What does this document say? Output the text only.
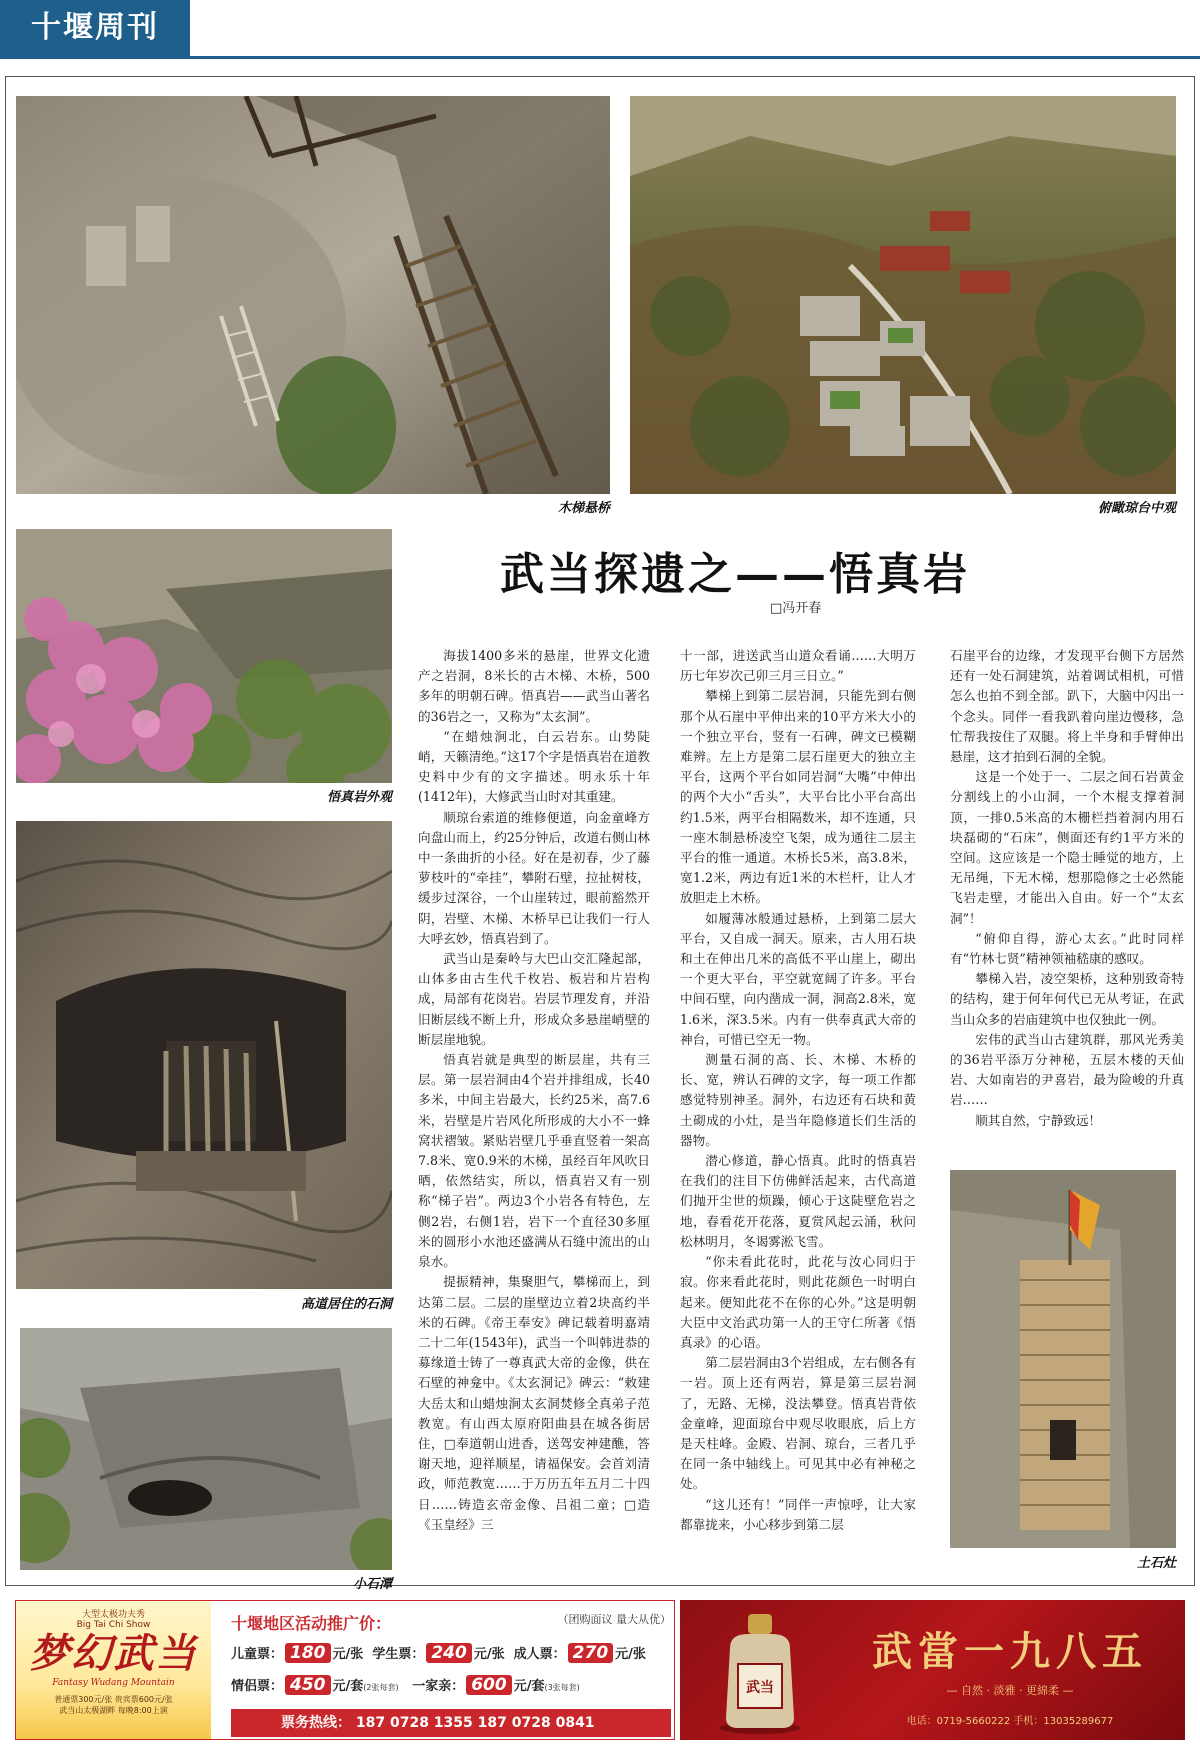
十堰周刊
木梯悬桥	俯瞰琼台中观
悟真岩外观
高道居住的石洞
小石潭
土石灶
武当探遗之——悟真岩
□冯开春

海拔1400多米的悬崖，世界文化遗产之岩洞，8米长的古木梯、木桥，500多年的明朝石碑。悟真岩——武当山著名的36岩之一，又称为“太玄洞”。

“在蜡烛涧北，白云岩东。山势陡峭，天籁清绝。”这17个字是悟真岩在道教史料中少有的文字描述。明永乐十年(1412年)，大修武当山时对其重建。

顺琼台索道的维修便道，向金童峰方向盘山而上，约25分钟后，改道右侧山林中一条曲折的小径。好在是初春，少了藤萝枝叶的“牵挂”，攀附石壁，拉扯树枝，缓步过深谷，一个山崖转过，眼前豁然开阴，岩壁、木梯、木桥早已让我们一行人大呼玄妙，悟真岩到了。

武当山是秦岭与大巴山交汇隆起部，山体多由古生代千枚岩、板岩和片岩构成，局部有花岗岩。岩层节理发育，并沿旧断层线不断上升，形成众多悬崖峭壁的断层崖地貌。

悟真岩就是典型的断层崖，共有三层。第一层岩洞由4个岩并排组成，长40多米，中间主岩最大，长约25米，高7.6米，岩壁是片岩风化所形成的大小不一蜂窝状褶皱。紧贴岩壁几乎垂直竖着一架高7.8米、宽0.9米的木梯，虽经百年风吹日晒，依然结实，所以，悟真岩又有一别称“梯子岩”。两边3个小岩各有特色，左侧2岩，右侧1岩，岩下一个直径30多厘米的圆形小水池还盛满从石缝中流出的山泉水。

提振精神，集聚胆气，攀梯而上，到达第二层。二层的崖壁边立着2块高约半米的石碑。《帝王奉安》碑记载着明嘉靖二十二年(1543年)，武当一个叫韩进恭的募缘道士铸了一尊真武大帝的金像，供在石壁的神龛中。《太玄洞记》碑云：“敕建大岳太和山蜡烛涧太玄洞焚修全真弟子范教宽。有山西太原府阳曲县在城各街居住，□奉道朝山进香，送驾安神建醮，答谢天地，迎祥顺星，请福保安。会首刘清政，师范教宽……于万历五年五月二十四日……铸造玄帝金像、吕祖二童；□造《玉皇经》三

十一部，进送武当山道众看诵……大明万历七年岁次己卯三月三日立。”

攀梯上到第二层岩洞，只能先到右侧那个从石崖中平伸出来的10平方米大小的一个独立平台，竖有一石碑，碑文已模糊难辨。左上方是第二层石崖更大的独立主平台，这两个平台如同岩洞“大嘴”中伸出的两个大小“舌头”，大平台比小平台高出约1.5米，两平台相隔数米，却不连通，只一座木制悬桥凌空飞架，成为通往二层主平台的惟一通道。木桥长5米，高3.8米，宽1.2米，两边有近1米的木栏杆，让人才放胆走上木桥。

如履薄冰般通过悬桥，上到第二层大平台，又自成一洞天。原来，古人用石块和土在伸出几米的高低不平山崖上，砌出一个更大平台，平空就宽阔了许多。平台中间石壁，向内凿成一洞，洞高2.8米，宽1.6米，深3.5米。内有一供奉真武大帝的神台，可惜已空无一物。

测量石洞的高、长、木梯、木桥的长、宽，辨认石碑的文字，每一项工作都感觉特别神圣。洞外，右边还有石块和黄土砌成的小灶，是当年隐修道长们生活的器物。

潜心修道，静心悟真。此时的悟真岩在我们的注目下仿佛鲜活起来，古代高道们抛开尘世的烦躁，倾心于这陡壁危岩之地，春看花开花落，夏赏风起云涌，秋问松林明月，冬谒雾淞飞雪。

“你未看此花时，此花与汝心同归于寂。你来看此花时，则此花颜色一时明白起来。便知此花不在你的心外。”这是明朝大臣中文治武功第一人的王守仁所著《悟真录》的心语。

第二层岩洞由3个岩组成，左右侧各有一岩。顶上还有两岩，算是第三层岩洞了，无路、无梯，没法攀登。悟真岩背依金童峰，迎面琼台中观尽收眼底，后上方是天柱峰。金殿、岩洞、琼台，三者几乎在同一条中轴线上。可见其中必有神秘之处。

“这儿还有！”同伴一声惊呼，让大家都靠拢来，小心移步到第二层

石崖平台的边缘，才发现平台侧下方居然还有一处石洞建筑，站着调试相机，可惜怎么也拍不到全部。趴下，大脑中闪出一个念头。同伴一看我趴着向崖边慢移，急忙帮我按住了双腿。将上半身和手臂伸出悬崖，这才拍到石洞的全貌。

这是一个处于一、二层之间石岩黄金分割线上的小山洞，一个木棍支撑着洞顶，一排0.5米高的木栅栏挡着洞内用石块磊砌的“石床”，侧面还有约1平方米的空间。这应该是一个隐士睡觉的地方，上无吊绳，下无木梯，想那隐修之士必然能飞岩走壁，才能出入自由。好一个“太玄洞”！

“俯仰自得，游心太玄。”此时同样有“竹林七贤”精神领袖嵇康的感叹。

攀梯入岩，凌空架桥，这种别致奇特的结构，建于何年何代已无从考证，在武当山众多的岩庙建筑中也仅独此一例。

宏伟的武当山古建筑群，那风光秀美的36岩平添万分神秘，五层木楼的天仙岩、大如南岩的尹喜岩，最为险峻的升真岩……

顺其自然，宁静致远！

大型太极功夫秀
Big Tai Chi Show
梦幻武当
Fantasy Wudang Mountain
普通票300元/张 贵宾票600元/张
武当山太极湖畔 每晚8:00上演
十堰地区活动推广价：	（团购面议 量大从优）
儿童票： 180 元/张 学生票： 240 元/张 成人票： 270 元/张
情侣票： 450 元/套(2张每套) 一家亲： 600 元/套(3张每套)
票务热线： 187 0728 1355 187 0728 0841
武当
武當一九八五
— 自然 · 淡雅 · 更綿柔 —
电话：0719-5660222 手机：13035289677
